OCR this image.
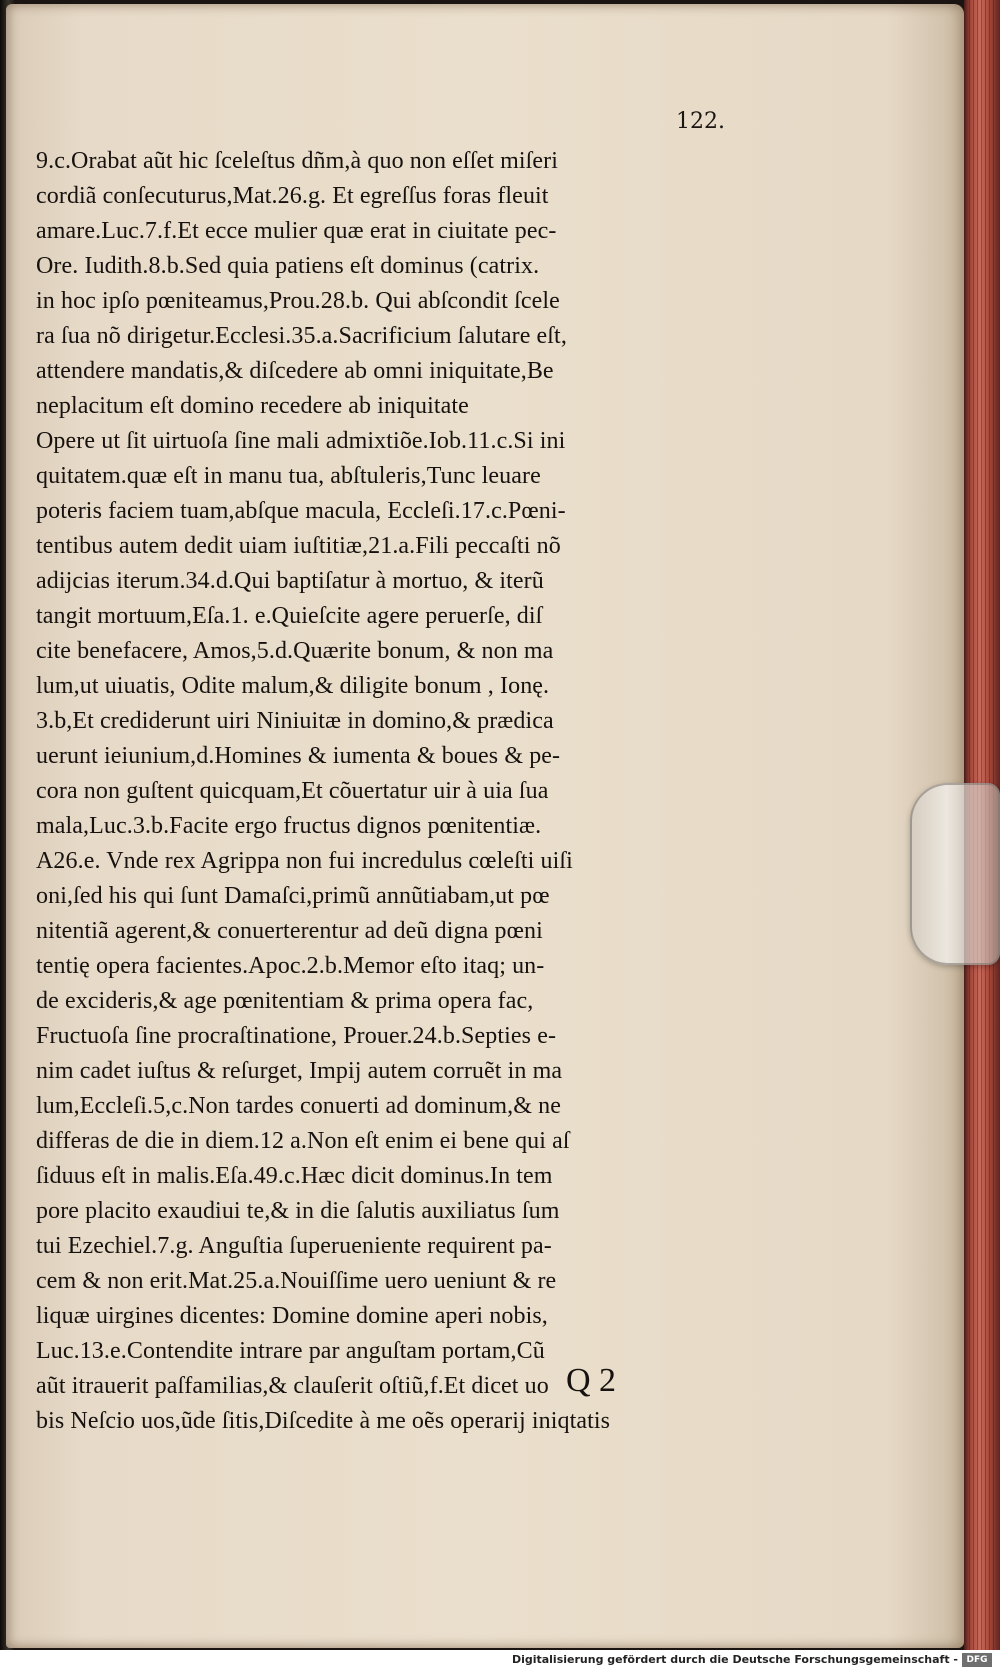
122.

9.c.Orabat aũt hic ſceleſtus dñm,à quo non eſſet miſeri
cordiã conſecuturus,Mat.26.g. Et egreſſus foras fleuit
amare.Luc.7.f.Et ecce mulier quæ erat in ciuitate pec-
Ore. Iudith.8.b.Sed quia patiens eſt dominus (catrix.
in hoc ipſo pœniteamus,Prou.28.b. Qui abſcondit ſcele
ra ſua nõ dirigetur.Ecclesi.35.a.Sacrificium ſalutare eſt,
attendere mandatis,& diſcedere ab omni iniquitate,Be
neplacitum eſt domino recedere ab iniquitate
Opere ut ſit uirtuoſa ſine mali admixtiõe.Iob.11.c.Si ini
quitatem.quæ eſt in manu tua, abſtuleris,Tunc leuare
poteris faciem tuam,abſque macula, Eccleſi.17.c.Pœni-
tentibus autem dedit uiam iuſtitiæ,21.a.Fili peccaſti nõ
adijcias iterum.34.d.Qui baptiſatur à mortuo, & iterũ
tangit mortuum,Eſa.1. e.Quieſcite agere peruerſe, diſ
cite benefacere, Amos,5.d.Quærite bonum, & non ma
lum,ut uiuatis, Odite malum,& diligite bonum , Ionę.
3.b,Et crediderunt uiri Niniuitæ in domino,& prædica
uerunt ieiunium,d.Homines & iumenta & boues & pe-
cora non guſtent quicquam,Et cõuertatur uir à uia ſua
mala,Luc.3.b.Facite ergo fructus dignos pœnitentiæ.
A26.e. Vnde rex Agrippa non fui incredulus cœleſti uiſi
oni,ſed his qui ſunt Damaſci,primũ annũtiabam,ut pœ
nitentiã agerent,& conuerterentur ad deũ digna pœni
tentię opera facientes.Apoc.2.b.Memor eſto itaq; un-
de excideris,& age pœnitentiam & prima opera fac,
Fructuoſa ſine procraſtinatione, Prouer.24.b.Septies e-
nim cadet iuſtus & reſurget, Impij autem corruẽt in ma
lum,Eccleſi.5,c.Non tardes conuerti ad dominum,& ne
differas de die in diem.12 a.Non eſt enim ei bene qui aſ
ſiduus eſt in malis.Eſa.49.c.Hæc dicit dominus.In tem
pore placito exaudiui te,& in die ſalutis auxiliatus ſum
tui Ezechiel.7.g. Anguſtia ſuperueniente requirent pa-
cem & non erit.Mat.25.a.Nouiſſime uero ueniunt & re
liquæ uirgines dicentes: Domine domine aperi nobis,
Luc.13.e.Contendite intrare par anguſtam portam,Cũ
aũt itrauerit paſfamilias,& clauſerit oſtiũ,f.Et dicet uo
bis Neſcio uos,ũde ſitis,Diſcedite à me oẽs operarij iniqtatis

Q 2

Digitalisierung gefördert durch die Deutsche Forschungsgemeinschaft - DFG
